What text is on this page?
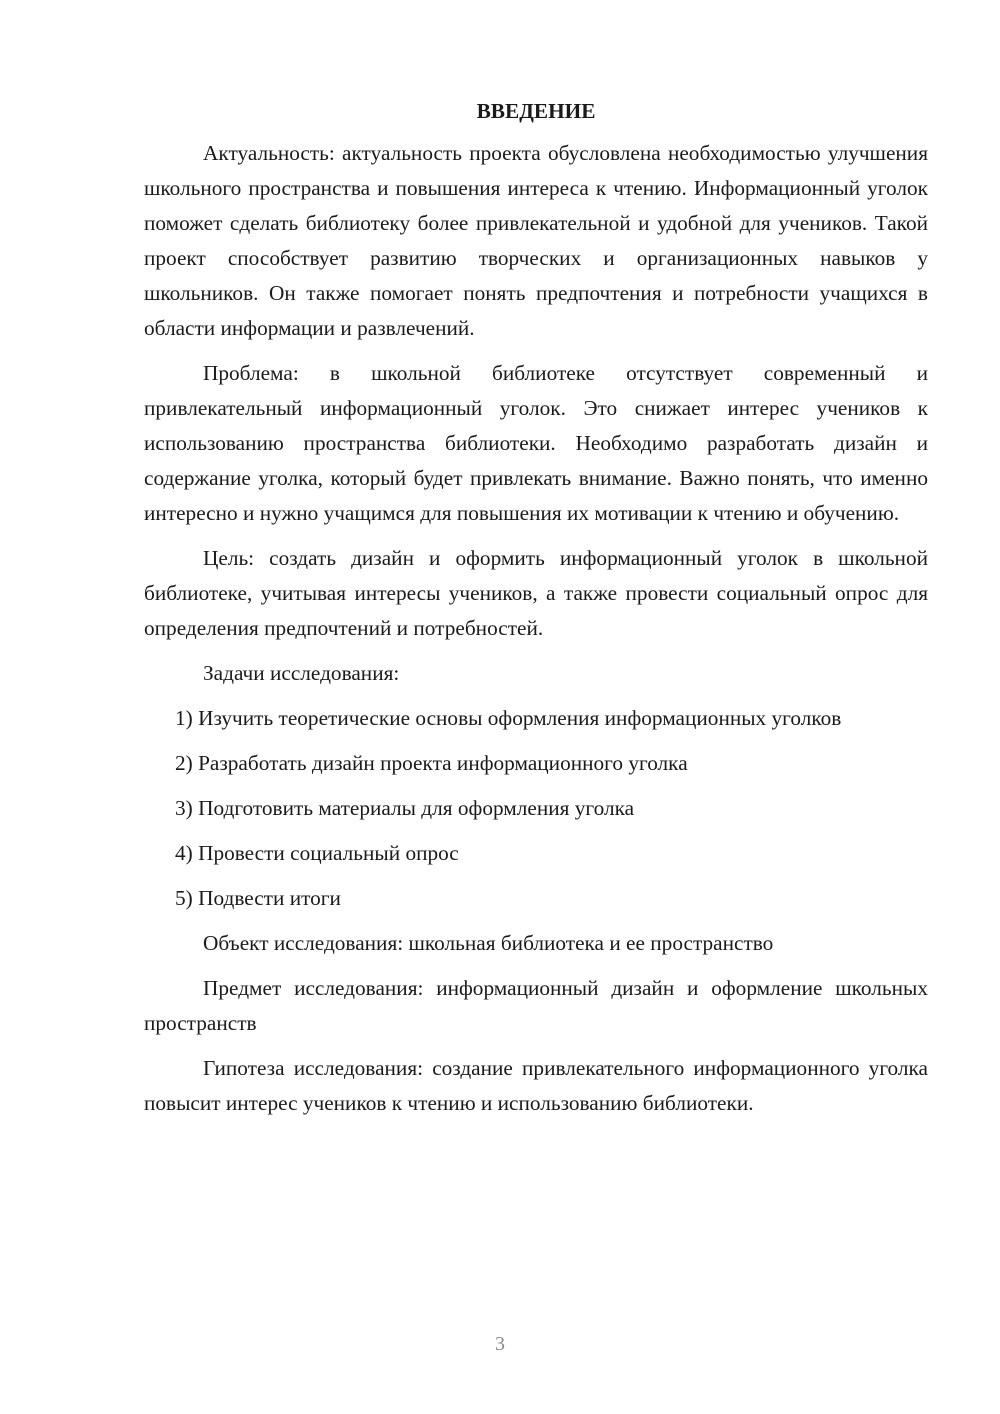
ВВЕДЕНИЕ

Актуальность: актуальность проекта обусловлена необходимостью улучшения школьного пространства и повышения интереса к чтению. Информационный уголок поможет сделать библиотеку более привлекательной и удобной для учеников. Такой проект способствует развитию творческих и организационных навыков у школьников. Он также помогает понять предпочтения и потребности учащихся в области информации и развлечений.

Проблема: в школьной библиотеке отсутствует современный и привлекательный информационный уголок. Это снижает интерес учеников к использованию пространства библиотеки. Необходимо разработать дизайн и содержание уголка, который будет привлекать внимание. Важно понять, что именно интересно и нужно учащимся для повышения их мотивации к чтению и обучению.

Цель: создать дизайн и оформить информационный уголок в школьной библиотеке, учитывая интересы учеников, а также провести социальный опрос для определения предпочтений и потребностей.

Задачи исследования:

1) Изучить теоретические основы оформления информационных уголков

2) Разработать дизайн проекта информационного уголка

3) Подготовить материалы для оформления уголка

4) Провести социальный опрос

5) Подвести итоги

Объект исследования: школьная библиотека и ее пространство

Предмет исследования: информационный дизайн и оформление школьных пространств

Гипотеза исследования: создание привлекательного информационного уголка повысит интерес учеников к чтению и использованию библиотеки.

3
